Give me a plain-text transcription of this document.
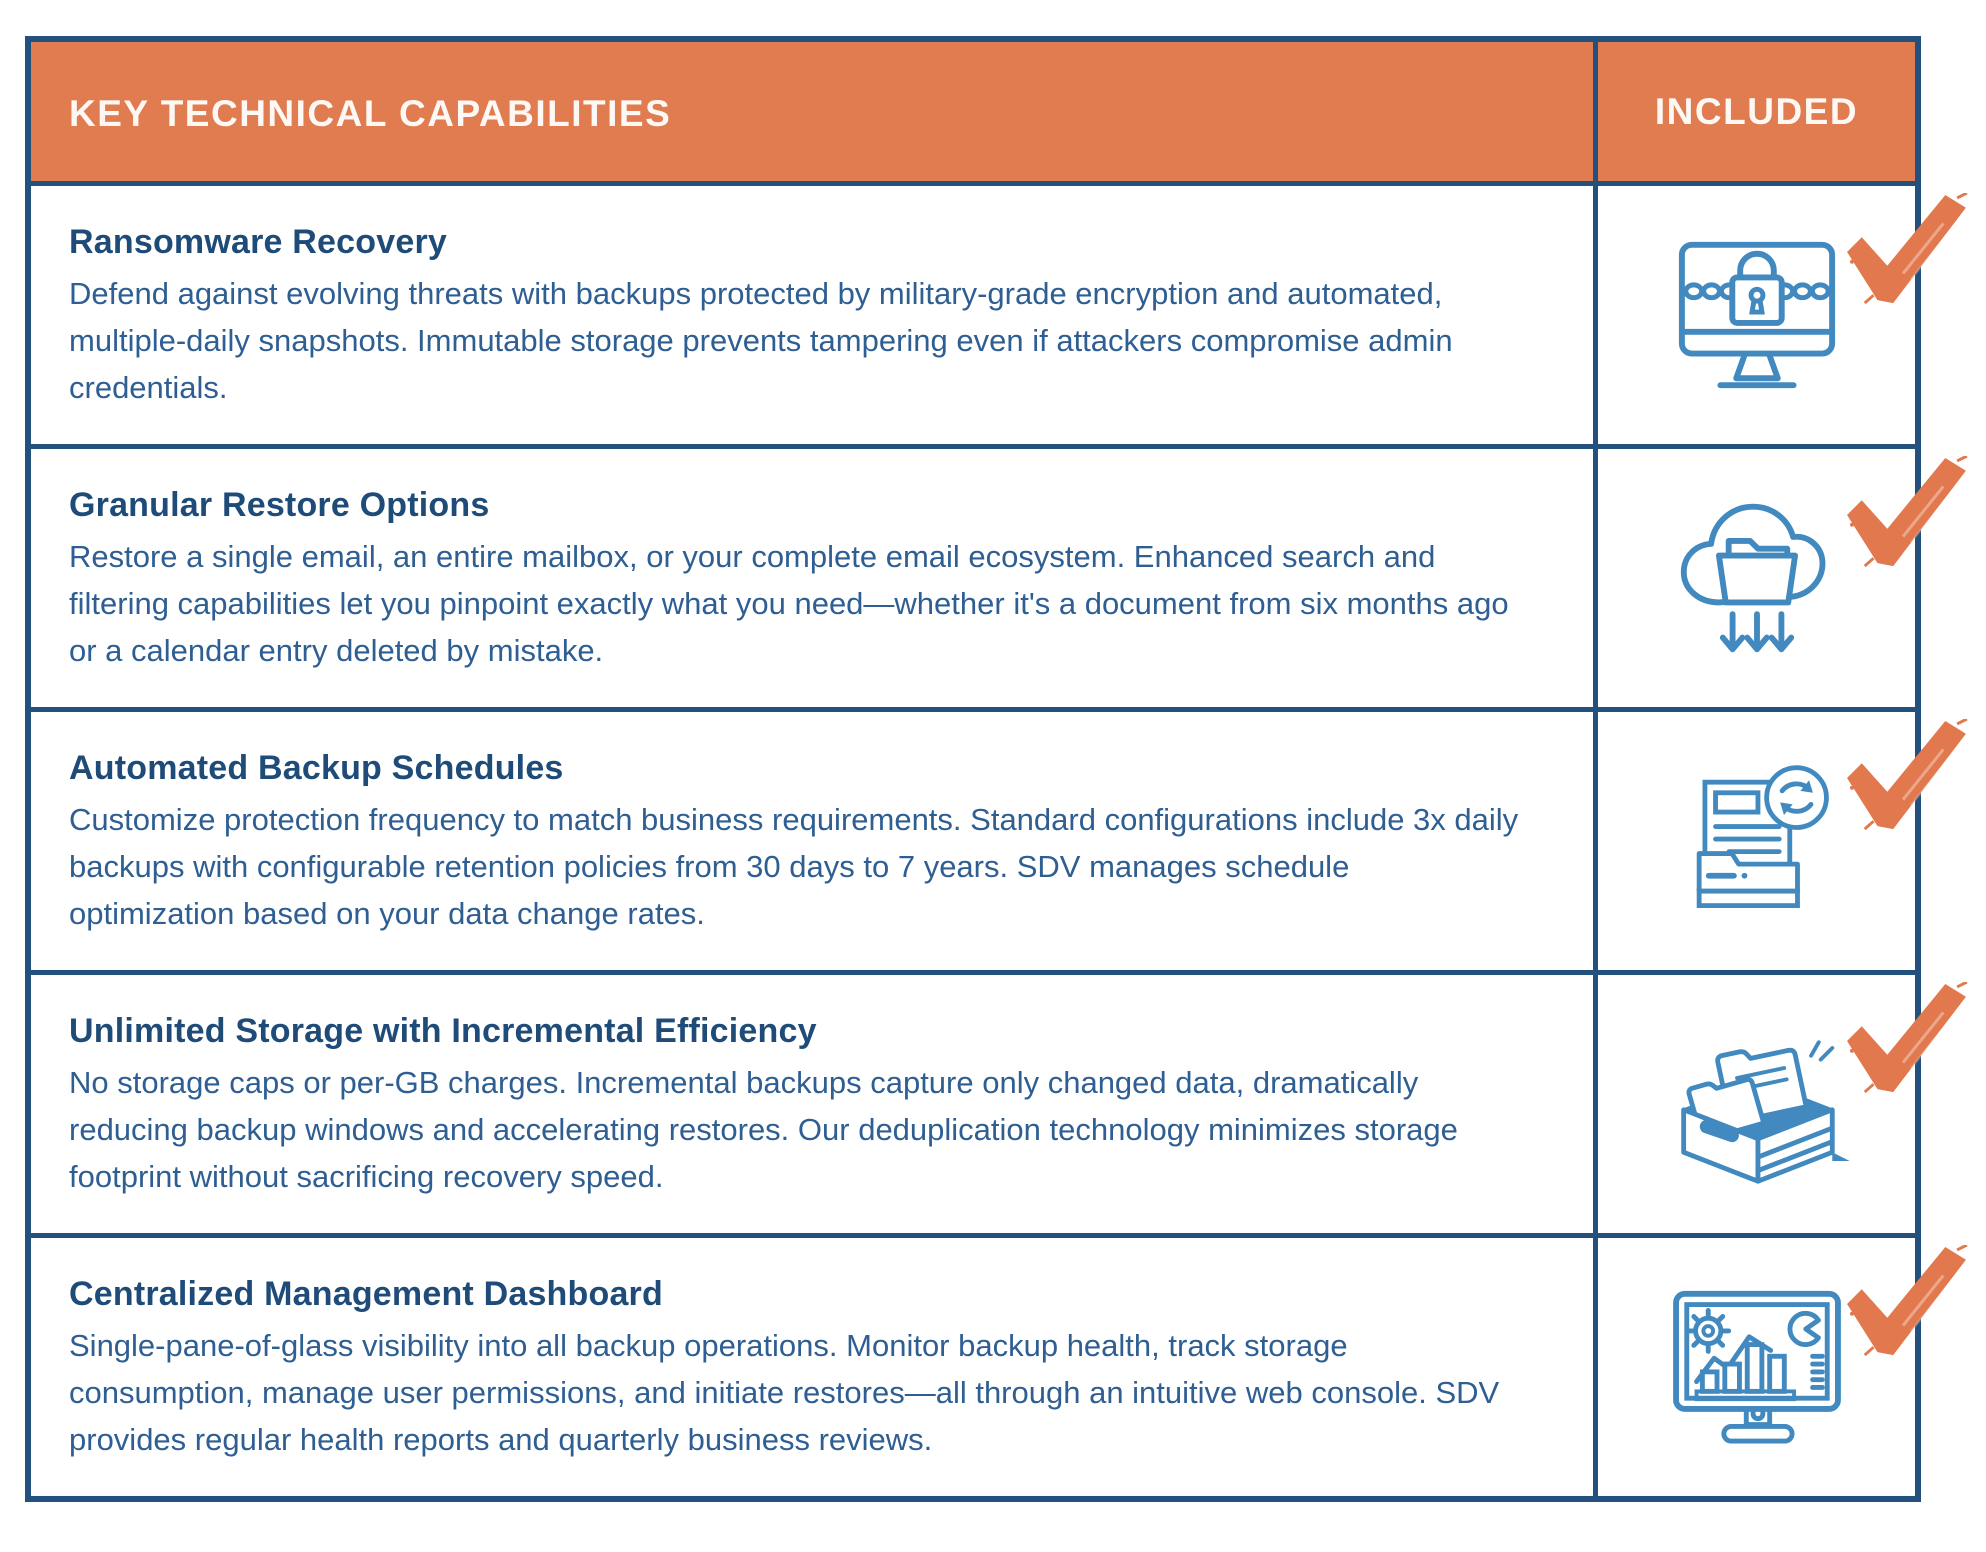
KEY TECHNICAL CAPABILITIES	INCLUDED

Ransomware Recovery

Defend against evolving threats with backups protected by military-grade encryption and automated, multiple-daily snapshots. Immutable storage prevents tampering even if attackers compromise admin credentials.

Granular Restore Options

Restore a single email, an entire mailbox, or your complete email ecosystem. Enhanced search and filtering capabilities let you pinpoint exactly what you need—whether it's a document from six months ago or a calendar entry deleted by mistake.

Automated Backup Schedules

Customize protection frequency to match business requirements. Standard configurations include 3x daily backups with configurable retention policies from 30 days to 7 years. SDV manages schedule optimization based on your data change rates.

Unlimited Storage with Incremental Efficiency

No storage caps or per-GB charges. Incremental backups capture only changed data, dramatically reducing backup windows and accelerating restores. Our deduplication technology minimizes storage footprint without sacrificing recovery speed.

Centralized Management Dashboard

Single-pane-of-glass visibility into all backup operations. Monitor backup health, track storage consumption, manage user permissions, and initiate restores—all through an intuitive web console. SDV provides regular health reports and quarterly business reviews.
